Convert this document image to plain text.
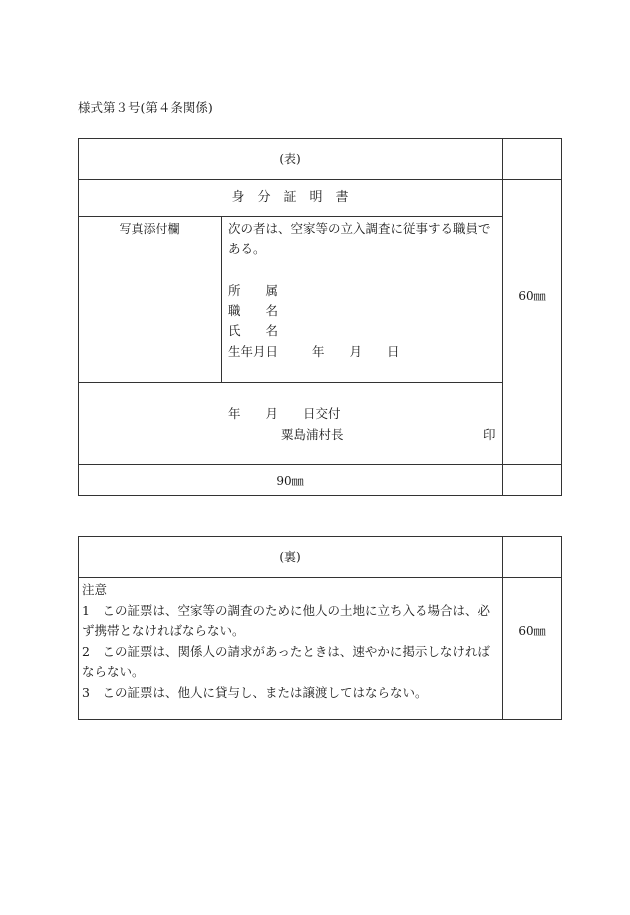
様式第３号(第４条関係)
(表)
身　分　証　明　書
写真添付欄	次の者は、空家等の立入調査に従事する職員である。
所　　属
職　　名
氏　　名
生年月日	年　　月　　日
年　　月　　日交付
粟島浦村長	印
60㎜
90㎜
(裏)
注意
1　この証票は、空家等の調査のために他人の土地に立ち入る場合は、必ず携帯となければならない。
2　この証票は、関係人の請求があったときは、速やかに掲示しなければならない。
3　この証票は、他人に貸与し、または譲渡してはならない。
60㎜
